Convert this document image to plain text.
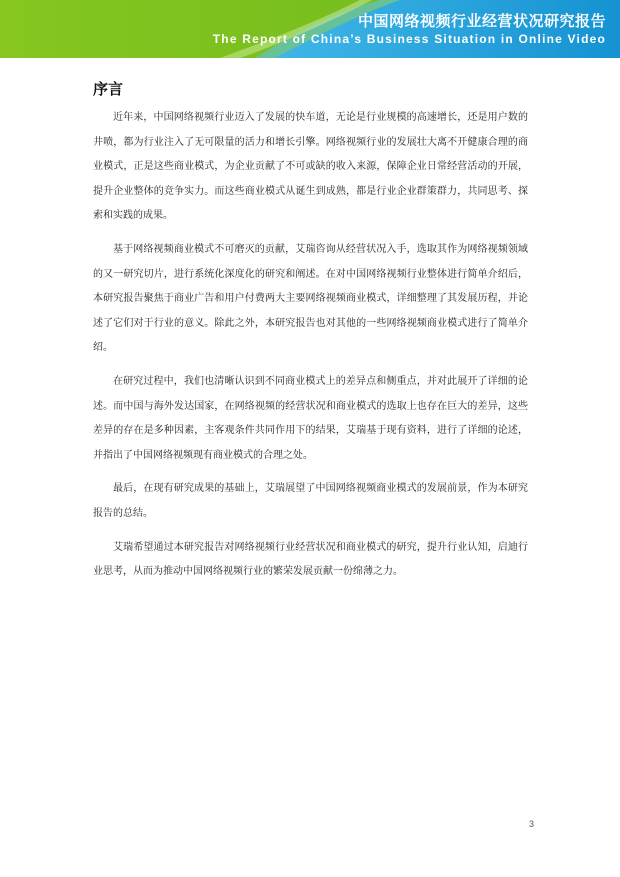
中国网络视频行业经营状况研究报告
The Report of China’s Business Situation in Online Video
序言

近年来，中国网络视频行业迈入了发展的快车道，无论是行业规模的高速增长，还是用户数的井喷，都为行业注入了无可限量的活力和增长引擎。网络视频行业的发展壮大离不开健康合理的商业模式，正是这些商业模式，为企业贡献了不可或缺的收入来源，保障企业日常经营活动的开展，提升企业整体的竞争实力。而这些商业模式从诞生到成熟，都是行业企业群策群力，共同思考、探索和实践的成果。

基于网络视频商业模式不可磨灭的贡献，艾瑞咨询从经营状况入手，选取其作为网络视频领域的又一研究切片，进行系统化深度化的研究和阐述。在对中国网络视频行业整体进行简单介绍后，本研究报告聚焦于商业广告和用户付费两大主要网络视频商业模式，详细整理了其发展历程，并论述了它们对于行业的意义。除此之外，本研究报告也对其他的一些网络视频商业模式进行了简单介绍。

在研究过程中，我们也清晰认识到不同商业模式上的差异点和侧重点，并对此展开了详细的论述。而中国与海外发达国家，在网络视频的经营状况和商业模式的选取上也存在巨大的差异，这些差异的存在是多种因素，主客观条件共同作用下的结果，艾瑞基于现有资料，进行了详细的论述，并指出了中国网络视频现有商业模式的合理之处。

最后，在现有研究成果的基础上，艾瑞展望了中国网络视频商业模式的发展前景，作为本研究报告的总结。

艾瑞希望通过本研究报告对网络视频行业经营状况和商业模式的研究，提升行业认知，启迪行业思考，从而为推动中国网络视频行业的繁荣发展贡献一份绵薄之力。

3
